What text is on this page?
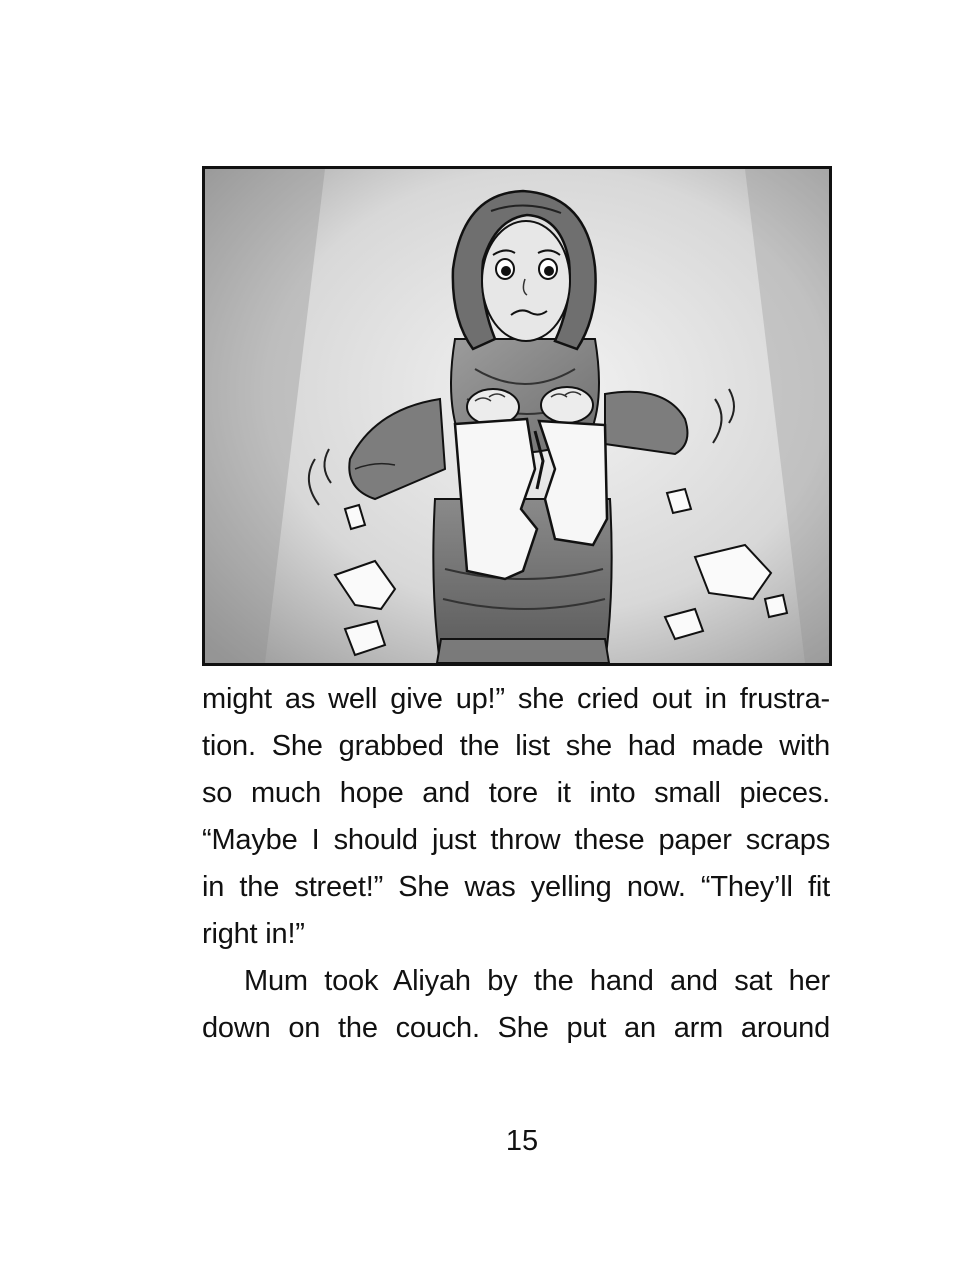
might as well give up!” she cried out in frustra-
tion. She grabbed the list she had made with
so much hope and tore it into small pieces.
“Maybe I should just throw these paper scraps
in the street!” She was yelling now. “They’ll fit
right in!”
Mum took Aliyah by the hand and sat her
down on the couch. She put an arm around
15
